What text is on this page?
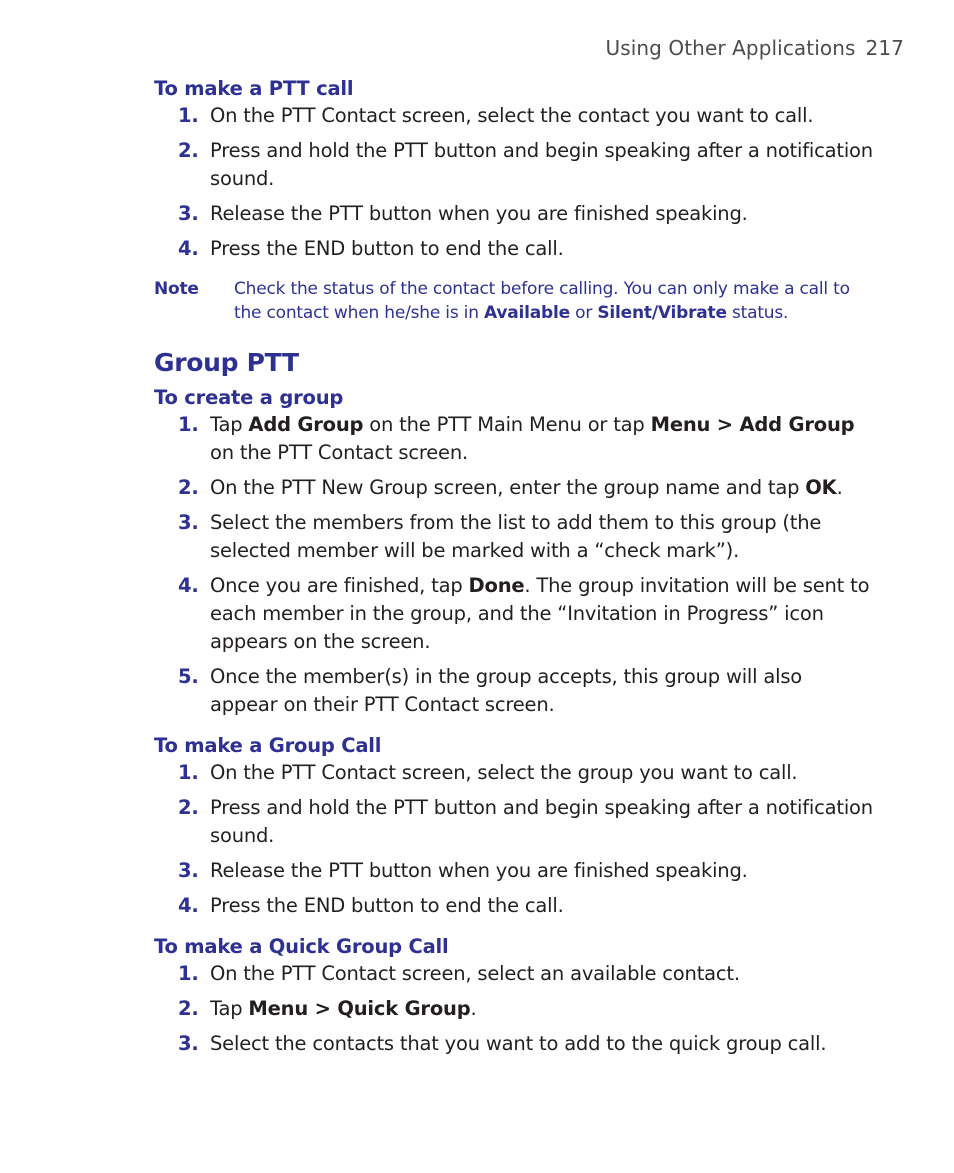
Using Other Applications 217
To make a PTT call
1. On the PTT Contact screen, select the contact you want to call.
2. Press and hold the PTT button and begin speaking after a notification sound.
3. Release the PTT button when you are finished speaking.
4. Press the END button to end the call.
Note	Check the status of the contact before calling. You can only make a call to the contact when he/she is in Available or Silent/Vibrate status.
Group PTT
To create a group
1. Tap Add Group on the PTT Main Menu or tap Menu > Add Group on the PTT Contact screen.
2. On the PTT New Group screen, enter the group name and tap OK.
3. Select the members from the list to add them to this group (the selected member will be marked with a “check mark”).
4. Once you are finished, tap Done. The group invitation will be sent to each member in the group, and the “Invitation in Progress” icon appears on the screen.
5. Once the member(s) in the group accepts, this group will also appear on their PTT Contact screen.
To make a Group Call
1. On the PTT Contact screen, select the group you want to call.
2. Press and hold the PTT button and begin speaking after a notification sound.
3. Release the PTT button when you are finished speaking.
4. Press the END button to end the call.
To make a Quick Group Call
1. On the PTT Contact screen, select an available contact.
2. Tap Menu > Quick Group.
3. Select the contacts that you want to add to the quick group call.
